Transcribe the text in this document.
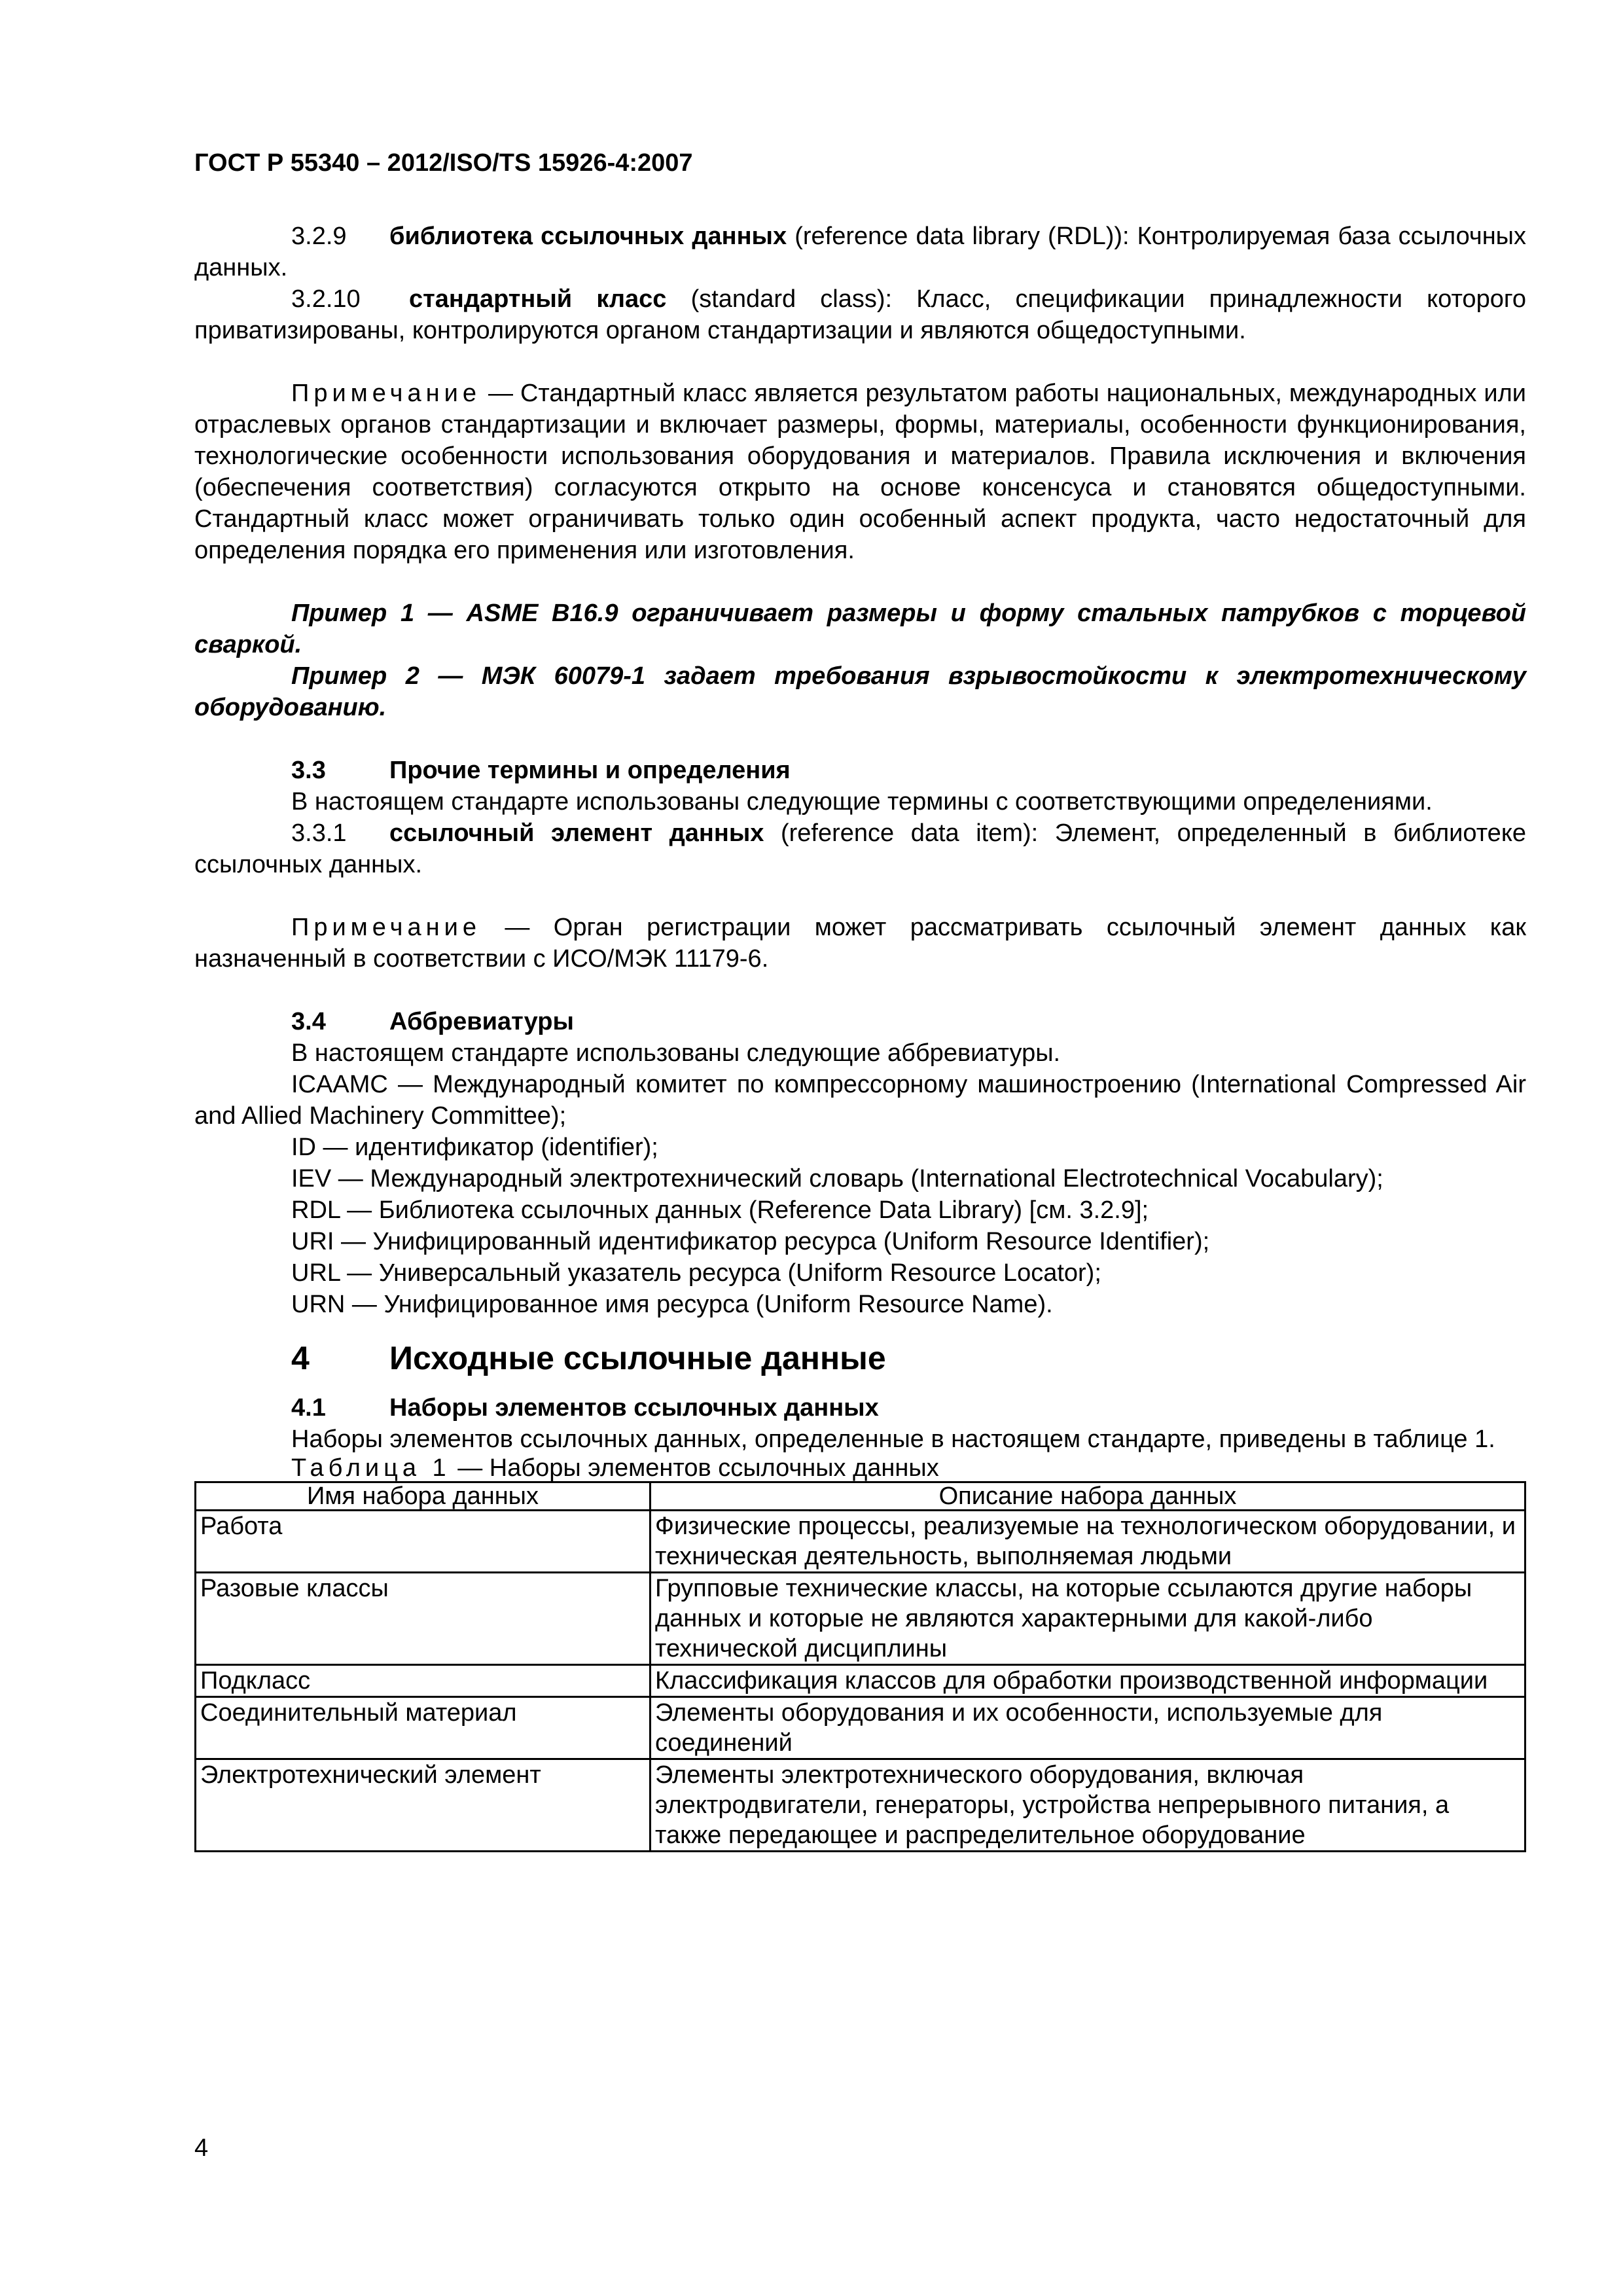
ГОСТ Р 55340 – 2012/ISO/TS 15926-4:2007

3.2.9 библиотека ссылочных данных (reference data library (RDL)): Контролируемая база ссылочных данных.

3.2.10 стандартный класс (standard class): Класс, спецификации принадлежности которого приватизированы, контролируются органом стандартизации и являются общедоступными.

Примечание — Стандартный класс является результатом работы национальных, международных или отраслевых органов стандартизации и включает размеры, формы, материалы, особенности функционирования, технологические особенности использования оборудования и материалов. Правила исключения и включения (обеспечения соответствия) согласуются открыто на основе консенсуса и становятся общедоступными. Стандартный класс может ограничивать только один особенный аспект продукта, часто недостаточный для определения порядка его применения или изготовления.

Пример 1 — ASME B16.9 ограничивает размеры и форму стальных патрубков с торцевой сваркой.

Пример 2 — МЭК 60079-1 задает требования взрывостойкости к электротехническому оборудованию.

3.3	Прочие термины и определения

В настоящем стандарте использованы следующие термины с соответствующими определениями.

3.3.1 ссылочный элемент данных (reference data item): Элемент, определенный в библиотеке ссылочных данных.

Примечание — Орган регистрации может рассматривать ссылочный элемент данных как назначенный в соответствии с ИСО/МЭК 11179-6.

3.4	Аббревиатуры

В настоящем стандарте использованы следующие аббревиатуры.

ICAAMC — Международный комитет по компрессорному машиностроению (International Compressed Air and Allied Machinery Committee);

ID — идентификатор (identifier);

IEV — Международный электротехнический словарь (International Electrotechnical Vocabulary);

RDL — Библиотека ссылочных данных (Reference Data Library) [см. 3.2.9];

URI — Унифицированный идентификатор ресурса (Uniform Resource Identifier);

URL — Универсальный указатель ресурса (Uniform Resource Locator);

URN — Унифицированное имя ресурса (Uniform Resource Name).

4 Исходные ссылочные данные

4.1	Наборы элементов ссылочных данных

Наборы элементов ссылочных данных, определенные в настоящем стандарте, приведены в таблице 1.

Таблица 1 — Наборы элементов ссылочных данных

Имя набора данных	Описание набора данных
Работа	Физические процессы, реализуемые на технологическом оборудовании, и техническая деятельность, выполняемая людьми
Разовые классы	Групповые технические классы, на которые ссылаются другие наборы данных и которые не являются характерными для какой-либо технической дисциплины
Подкласс	Классификация классов для обработки производственной информации
Соединительный материал	Элементы оборудования и их особенности, используемые для соединений
Электротехнический элемент	Элементы электротехнического оборудования, включая электродвигатели, генераторы, устройства непрерывного питания, а также передающее и распределительное оборудование
4
